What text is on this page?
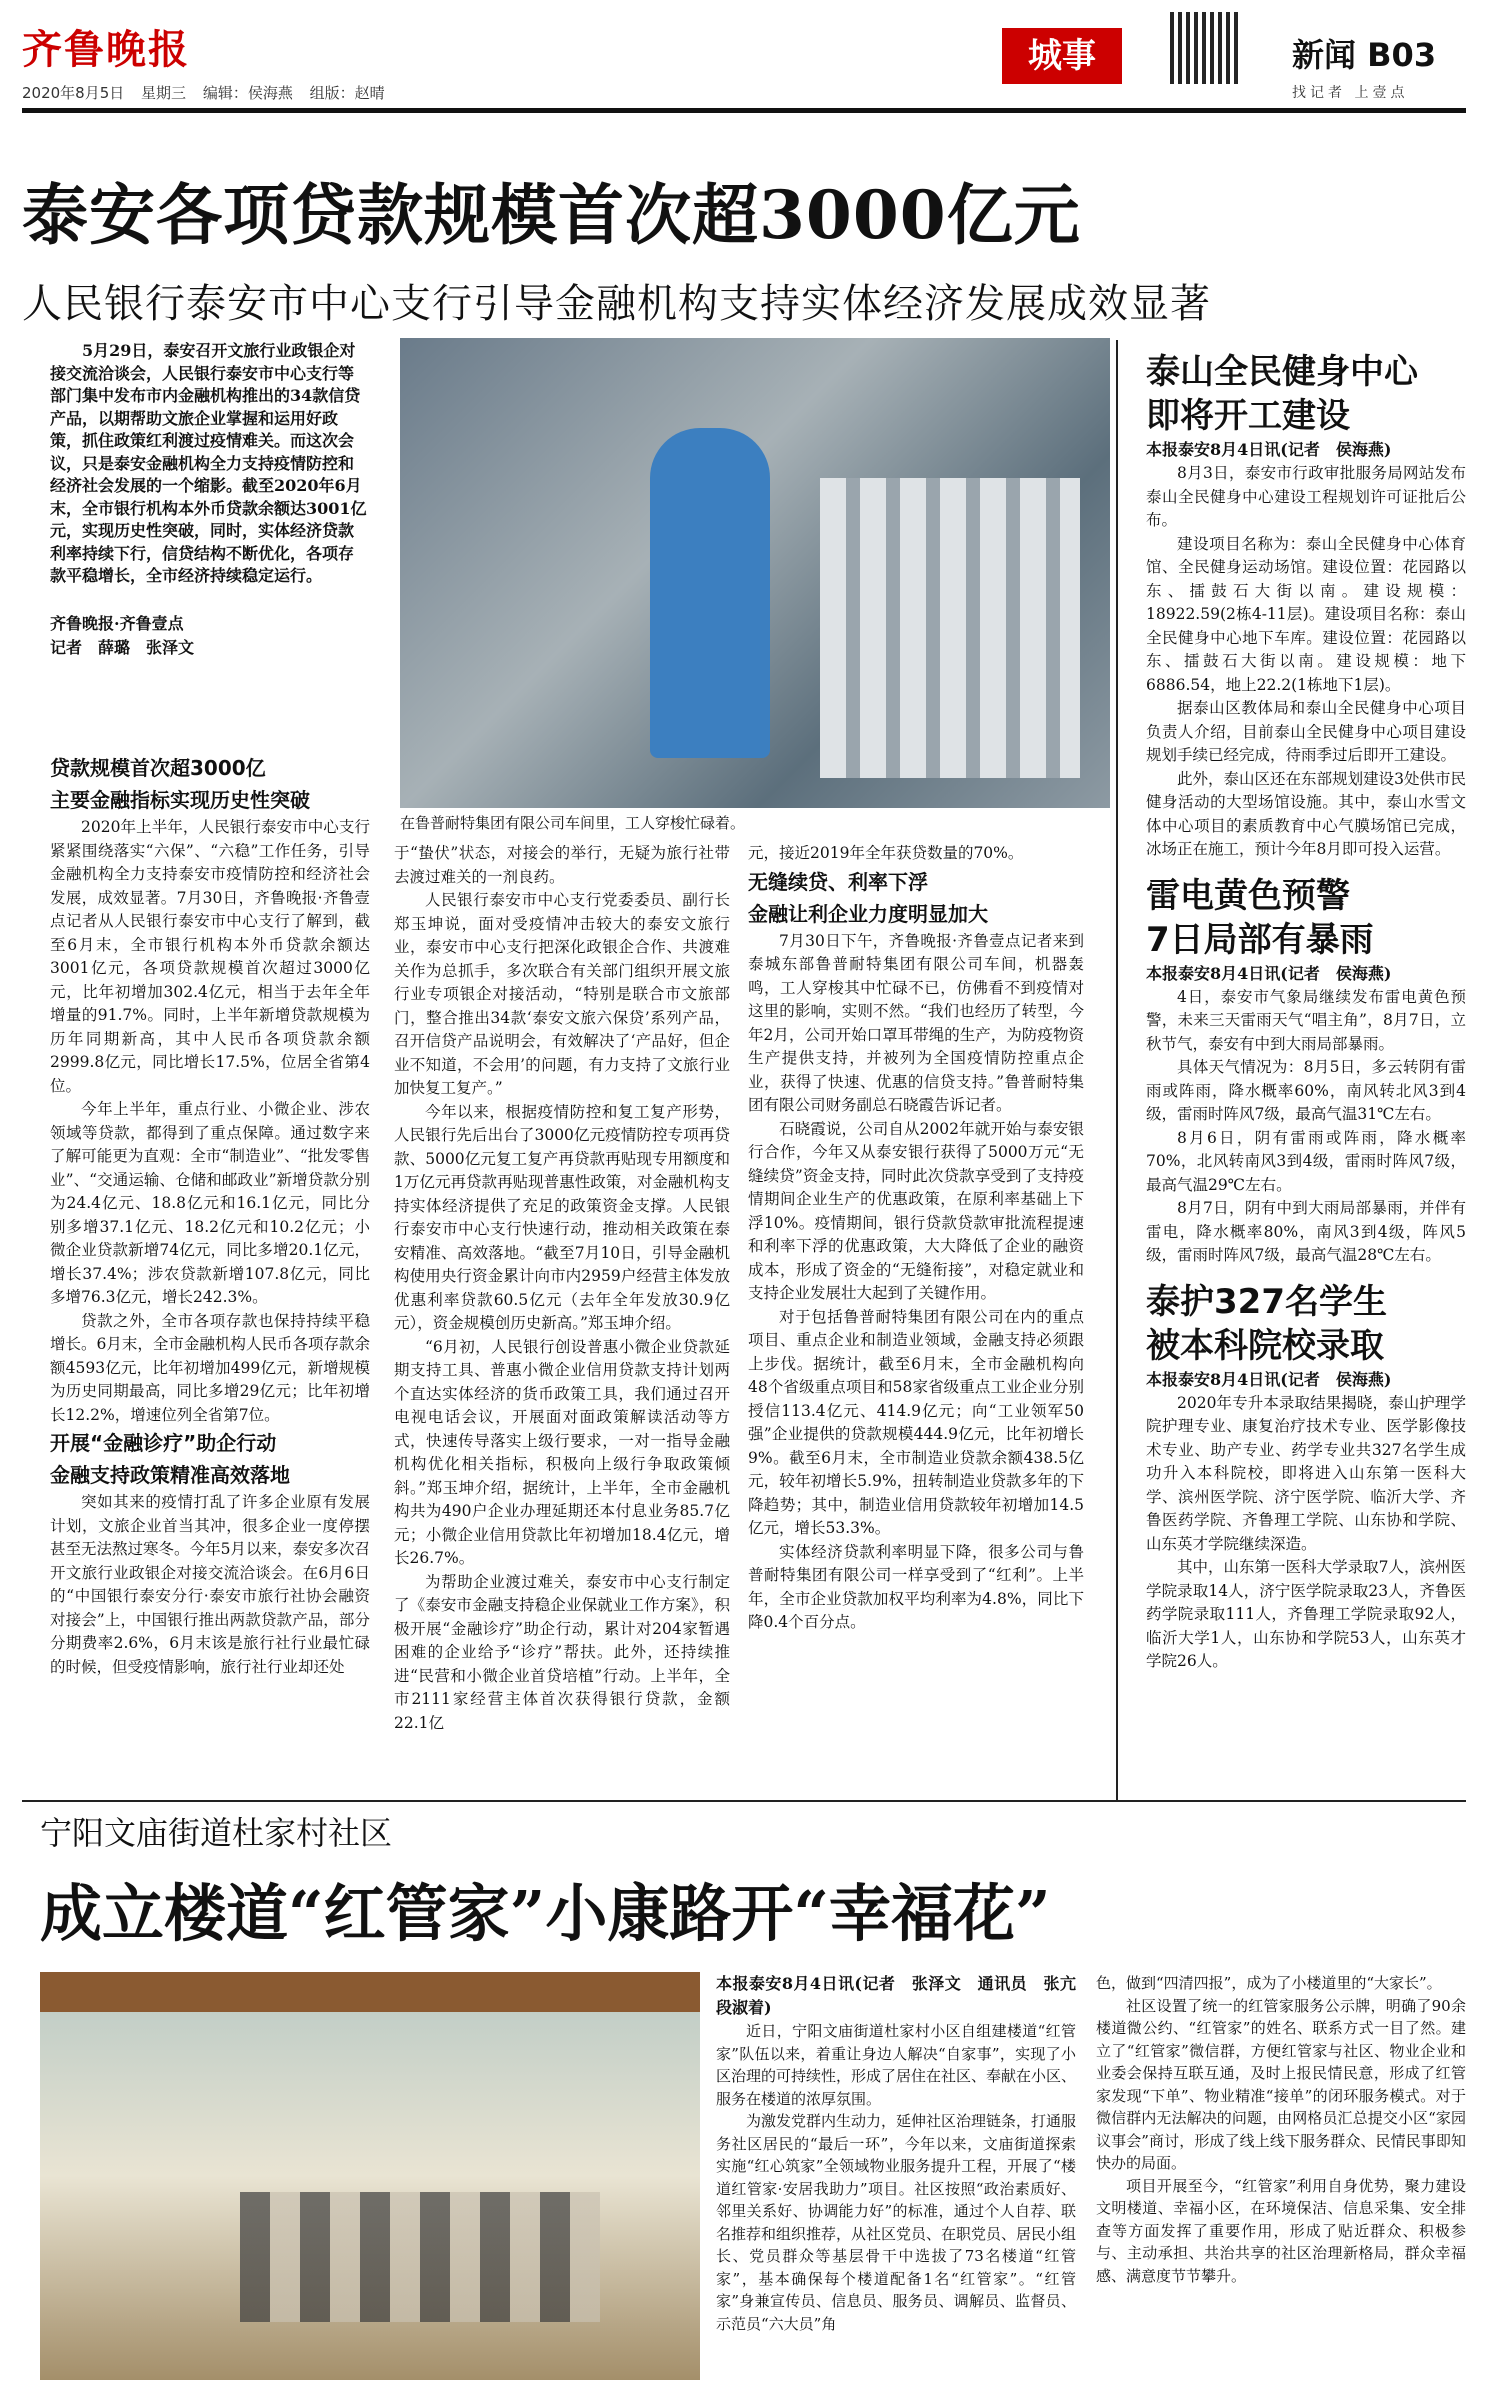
齐鲁晚报
2020年8月5日 星期三 编辑：侯海燕 组版：赵晴
城事	新闻 B03
找记者 上壹点
泰安各项贷款规模首次超3000亿元
人民银行泰安市中心支行引导金融机构支持实体经济发展成效显著

5月29日，泰安召开文旅行业政银企对接交流洽谈会，人民银行泰安市中心支行等部门集中发布市内金融机构推出的34款信贷产品，以期帮助文旅企业掌握和运用好政策，抓住政策红利渡过疫情难关。而这次会议，只是泰安金融机构全力支持疫情防控和经济社会发展的一个缩影。截至2020年6月末，全市银行机构本外币贷款余额达3001亿元，实现历史性突破，同时，实体经济贷款利率持续下行，信贷结构不断优化，各项存款平稳增长，全市经济持续稳定运行。

齐鲁晚报·齐鲁壹点
记者　薛璐　张泽文
在鲁普耐特集团有限公司车间里，工人穿梭忙碌着。
贷款规模首次超3000亿
主要金融指标实现历史性突破

2020年上半年，人民银行泰安市中心支行紧紧围绕落实“六保”、“六稳”工作任务，引导金融机构全力支持泰安市疫情防控和经济社会发展，成效显著。7月30日，齐鲁晚报·齐鲁壹点记者从人民银行泰安市中心支行了解到，截至6月末，全市银行机构本外币贷款余额达3001亿元，各项贷款规模首次超过3000亿元，比年初增加302.4亿元，相当于去年全年增量的91.7%。同时，上半年新增贷款规模为历年同期新高，其中人民币各项贷款余额2999.8亿元，同比增长17.5%，位居全省第4位。

今年上半年，重点行业、小微企业、涉农领域等贷款，都得到了重点保障。通过数字来了解可能更为直观：全市“制造业”、“批发零售业”、“交通运输、仓储和邮政业”新增贷款分别为24.4亿元、18.8亿元和16.1亿元，同比分别多增37.1亿元、18.2亿元和10.2亿元；小微企业贷款新增74亿元，同比多增20.1亿元，增长37.4%；涉农贷款新增107.8亿元，同比多增76.3亿元，增长242.3%。

贷款之外，全市各项存款也保持持续平稳增长。6月末，全市金融机构人民币各项存款余额4593亿元，比年初增加499亿元，新增规模为历史同期最高，同比多增29亿元；比年初增长12.2%，增速位列全省第7位。

开展“金融诊疗”助企行动
金融支持政策精准高效落地

突如其来的疫情打乱了许多企业原有发展计划，文旅企业首当其冲，很多企业一度停摆甚至无法熬过寒冬。今年5月以来，泰安多次召开文旅行业政银企对接交流洽谈会。在6月6日的“中国银行泰安分行·泰安市旅行社协会融资对接会”上，中国银行推出两款贷款产品，部分分期费率2.6%，6月末该是旅行社行业最忙碌的时候，但受疫情影响，旅行社行业却还处

于“蛰伏”状态，对接会的举行，无疑为旅行社带去渡过难关的一剂良药。

人民银行泰安市中心支行党委委员、副行长郑玉坤说，面对受疫情冲击较大的泰安文旅行业，泰安市中心支行把深化政银企合作、共渡难关作为总抓手，多次联合有关部门组织开展文旅行业专项银企对接活动，“特别是联合市文旅部门，整合推出34款‘泰安文旅六保贷’系列产品，召开信贷产品说明会，有效解决了‘产品好，但企业不知道，不会用’的问题，有力支持了文旅行业加快复工复产。”

今年以来，根据疫情防控和复工复产形势，人民银行先后出台了3000亿元疫情防控专项再贷款、5000亿元复工复产再贷款再贴现专用额度和1万亿元再贷款再贴现普惠性政策，对金融机构支持实体经济提供了充足的政策资金支撑。人民银行泰安市中心支行快速行动，推动相关政策在泰安精准、高效落地。“截至7月10日，引导金融机构使用央行资金累计向市内2959户经营主体发放优惠利率贷款60.5亿元（去年全年发放30.9亿元），资金规模创历史新高。”郑玉坤介绍。

“6月初，人民银行创设普惠小微企业贷款延期支持工具、普惠小微企业信用贷款支持计划两个直达实体经济的货币政策工具，我们通过召开电视电话会议，开展面对面政策解读活动等方式，快速传导落实上级行要求，一对一指导金融机构优化相关指标，积极向上级行争取政策倾斜。”郑玉坤介绍，据统计，上半年，全市金融机构共为490户企业办理延期还本付息业务85.7亿元；小微企业信用贷款比年初增加18.4亿元，增长26.7%。

为帮助企业渡过难关，泰安市中心支行制定了《泰安市金融支持稳企业保就业工作方案》，积极开展“金融诊疗”助企行动，累计对204家暂遇困难的企业给予“诊疗”帮扶。此外，还持续推进“民营和小微企业首贷培植”行动。上半年，全市2111家经营主体首次获得银行贷款，金额22.1亿

元，接近2019年全年获贷数量的70%。

无缝续贷、利率下浮
金融让利企业力度明显加大

7月30日下午，齐鲁晚报·齐鲁壹点记者来到泰城东部鲁普耐特集团有限公司车间，机器轰鸣，工人穿梭其中忙碌不已，仿佛看不到疫情对这里的影响，实则不然。“我们也经历了转型，今年2月，公司开始口罩耳带绳的生产，为防疫物资生产提供支持，并被列为全国疫情防控重点企业，获得了快速、优惠的信贷支持。”鲁普耐特集团有限公司财务副总石晓霞告诉记者。

石晓霞说，公司自从2002年就开始与泰安银行合作，今年又从泰安银行获得了5000万元“无缝续贷”资金支持，同时此次贷款享受到了支持疫情期间企业生产的优惠政策，在原利率基础上下浮10%。疫情期间，银行贷款贷款审批流程提速和利率下浮的优惠政策，大大降低了企业的融资成本，形成了资金的“无缝衔接”，对稳定就业和支持企业发展壮大起到了关键作用。

对于包括鲁普耐特集团有限公司在内的重点项目、重点企业和制造业领域，金融支持必须跟上步伐。据统计，截至6月末，全市金融机构向48个省级重点项目和58家省级重点工业企业分别授信113.4亿元、414.9亿元；向“工业领军50强”企业提供的贷款规模444.9亿元，比年初增长9%。截至6月末，全市制造业贷款余额438.5亿元，较年初增长5.9%，扭转制造业贷款多年的下降趋势；其中，制造业信用贷款较年初增加14.5亿元，增长53.3%。

实体经济贷款利率明显下降，很多公司与鲁普耐特集团有限公司一样享受到了“红利”。上半年，全市企业贷款加权平均利率为4.8%，同比下降0.4个百分点。

泰山全民健身中心
即将开工建设
本报泰安8月4日讯(记者　侯海燕)

8月3日，泰安市行政审批服务局网站发布泰山全民健身中心建设工程规划许可证批后公布。

建设项目名称为：泰山全民健身中心体育馆、全民健身运动场馆。建设位置：花园路以东、擂鼓石大街以南。建设规模：18922.59(2栋4-11层)。建设项目名称：泰山全民健身中心地下车库。建设位置：花园路以东、擂鼓石大街以南。建设规模：地下6886.54，地上22.2(1栋地下1层)。

据泰山区教体局和泰山全民健身中心项目负责人介绍，目前泰山全民健身中心项目建设规划手续已经完成，待雨季过后即开工建设。

此外，泰山区还在东部规划建设3处供市民健身活动的大型场馆设施。其中，泰山水雪文体中心项目的素质教育中心气膜场馆已完成，冰场正在施工，预计今年8月即可投入运营。

雷电黄色预警
7日局部有暴雨
本报泰安8月4日讯(记者　侯海燕)

4日，泰安市气象局继续发布雷电黄色预警，未来三天雷雨天气“唱主角”，8月7日，立秋节气，泰安有中到大雨局部暴雨。

具体天气情况为：8月5日，多云转阴有雷雨或阵雨，降水概率60%，南风转北风3到4级，雷雨时阵风7级，最高气温31℃左右。

8月6日，阴有雷雨或阵雨，降水概率70%，北风转南风3到4级，雷雨时阵风7级，最高气温29℃左右。

8月7日，阴有中到大雨局部暴雨，并伴有雷电，降水概率80%，南风3到4级，阵风5级，雷雨时阵风7级，最高气温28℃左右。

泰护327名学生
被本科院校录取
本报泰安8月4日讯(记者　侯海燕)

2020年专升本录取结果揭晓，泰山护理学院护理专业、康复治疗技术专业、医学影像技术专业、助产专业、药学专业共327名学生成功升入本科院校，即将进入山东第一医科大学、滨州医学院、济宁医学院、临沂大学、齐鲁医药学院、齐鲁理工学院、山东协和学院、山东英才学院继续深造。

其中，山东第一医科大学录取7人，滨州医学院录取14人，济宁医学院录取23人，齐鲁医药学院录取111人，齐鲁理工学院录取92人，临沂大学1人，山东协和学院53人，山东英才学院26人。

宁阳文庙街道杜家村社区
成立楼道“红管家”小康路开“幸福花”
本报泰安8月4日讯(记者　张泽文　通讯员　张亢　段淑着)

近日，宁阳文庙街道杜家村小区自组建楼道“红管家”队伍以来，着重让身边人解决“自家事”，实现了小区治理的可持续性，形成了居住在社区、奉献在小区、服务在楼道的浓厚氛围。

为激发党群内生动力，延伸社区治理链条，打通服务社区居民的“最后一环”，今年以来，文庙街道探索实施“红心筑家”全领域物业服务提升工程，开展了“楼道红管家·安居我助力”项目。社区按照“政治素质好、邻里关系好、协调能力好”的标准，通过个人自荐、联名推荐和组织推荐，从社区党员、在职党员、居民小组长、党员群众等基层骨干中选拔了73名楼道“红管家”，基本确保每个楼道配备1名“红管家”。“红管家”身兼宣传员、信息员、服务员、调解员、监督员、示范员“六大员”角

色，做到“四清四报”，成为了小楼道里的“大家长”。

社区设置了统一的红管家服务公示牌，明确了90余楼道微公约、“红管家”的姓名、联系方式一目了然。建立了“红管家”微信群，方便红管家与社区、物业企业和业委会保持互联互通，及时上报民情民意，形成了红管家发现“下单”、物业精准“接单”的闭环服务模式。对于微信群内无法解决的问题，由网格员汇总提交小区“家园议事会”商讨，形成了线上线下服务群众、民情民事即知快办的局面。

项目开展至今，“红管家”利用自身优势，聚力建设文明楼道、幸福小区，在环境保洁、信息采集、安全排查等方面发挥了重要作用，形成了贴近群众、积极参与、主动承担、共治共享的社区治理新格局，群众幸福感、满意度节节攀升。
